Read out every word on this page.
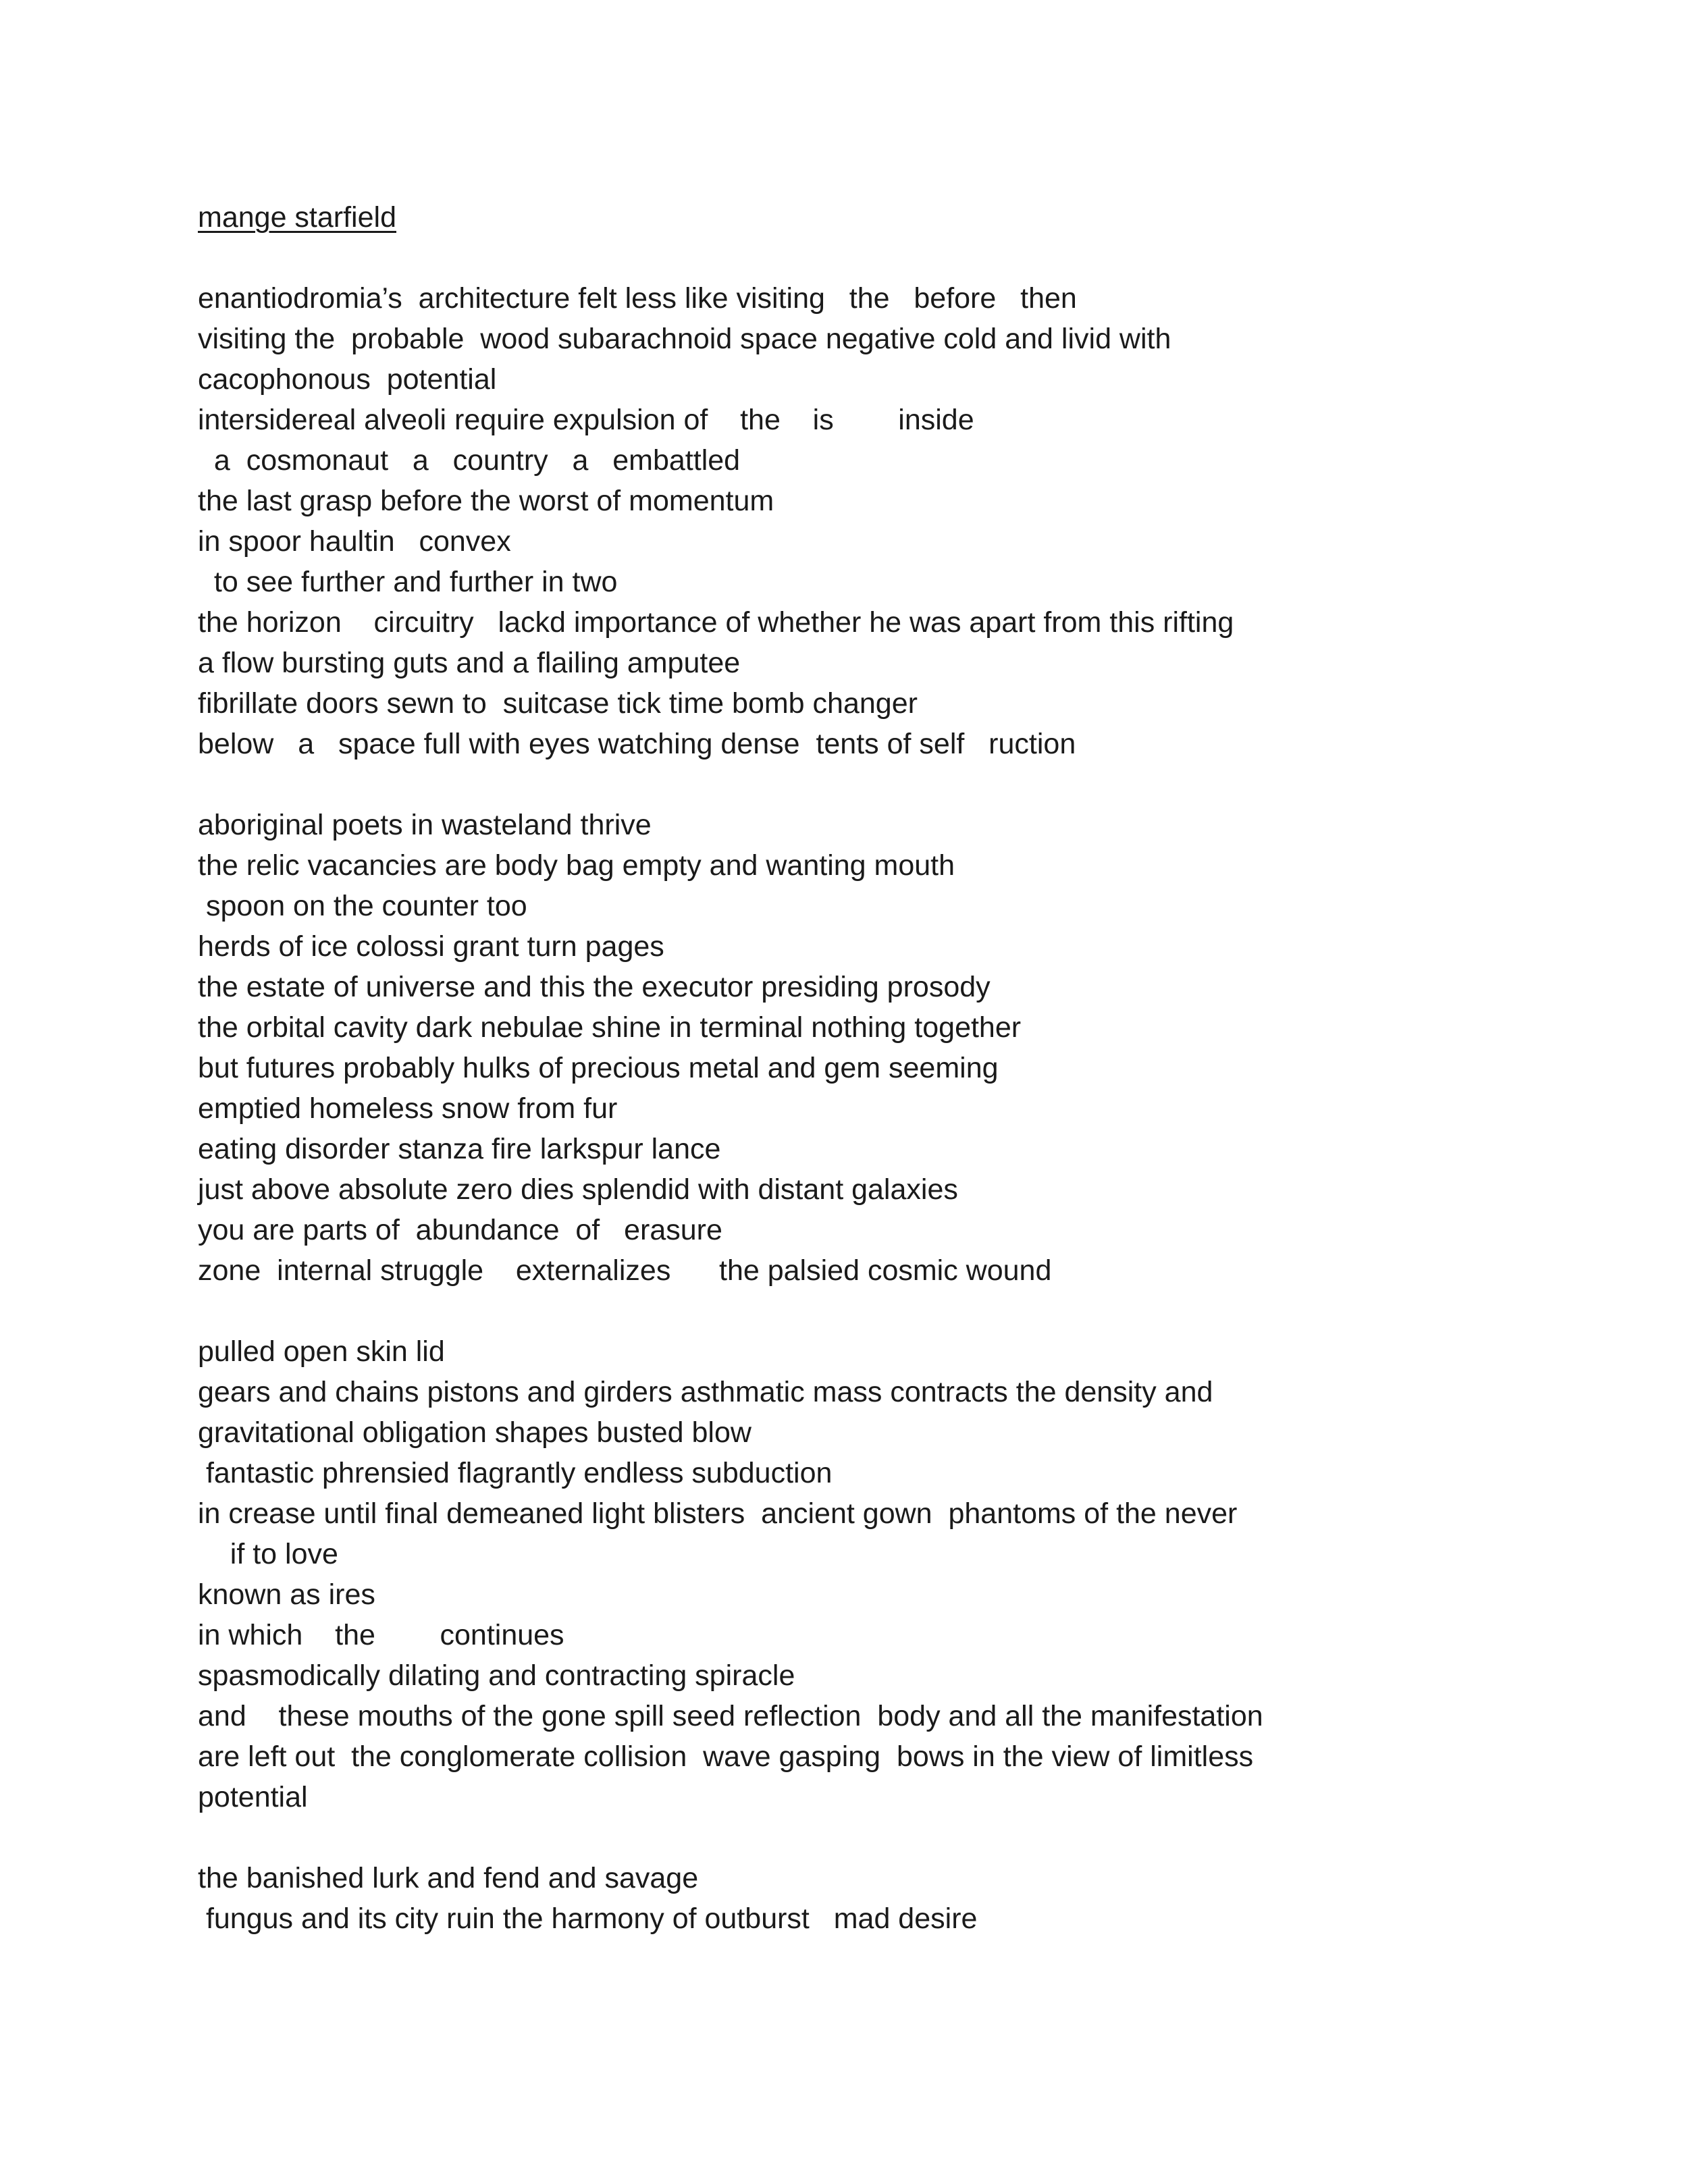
mange starfield
enantiodromia’s  architecture felt less like visiting   the   before   then
visiting the  probable  wood subarachnoid space negative cold and livid with
cacophonous  potential
intersidereal alveoli require expulsion of    the    is        inside
a  cosmonaut   a   country   a   embattled
the last grasp before the worst of momentum
in spoor haultin   convex
to see further and further in two
the horizon    circuitry   lackd importance of whether he was apart from this rifting
a flow bursting guts and a flailing amputee
fibrillate doors sewn to  suitcase tick time bomb changer
below   a   space full with eyes watching dense  tents of self   ruction
aboriginal poets in wasteland thrive
the relic vacancies are body bag empty and wanting mouth
spoon on the counter too
herds of ice colossi grant turn pages
the estate of universe and this the executor presiding prosody
the orbital cavity dark nebulae shine in terminal nothing together
but futures probably hulks of precious metal and gem seeming
emptied homeless snow from fur
eating disorder stanza fire larkspur lance
just above absolute zero dies splendid with distant galaxies
you are parts of  abundance  of   erasure
zone  internal struggle    externalizes      the palsied cosmic wound
pulled open skin lid
gears and chains pistons and girders asthmatic mass contracts the density and
gravitational obligation shapes busted blow
fantastic phrensied flagrantly endless subduction
in crease until final demeaned light blisters  ancient gown  phantoms of the never
if to love
known as ires
in which    the        continues
spasmodically dilating and contracting spiracle
and    these mouths of the gone spill seed reflection  body and all the manifestation
are left out  the conglomerate collision  wave gasping  bows in the view of limitless
potential
the banished lurk and fend and savage
fungus and its city ruin the harmony of outburst   mad desire
